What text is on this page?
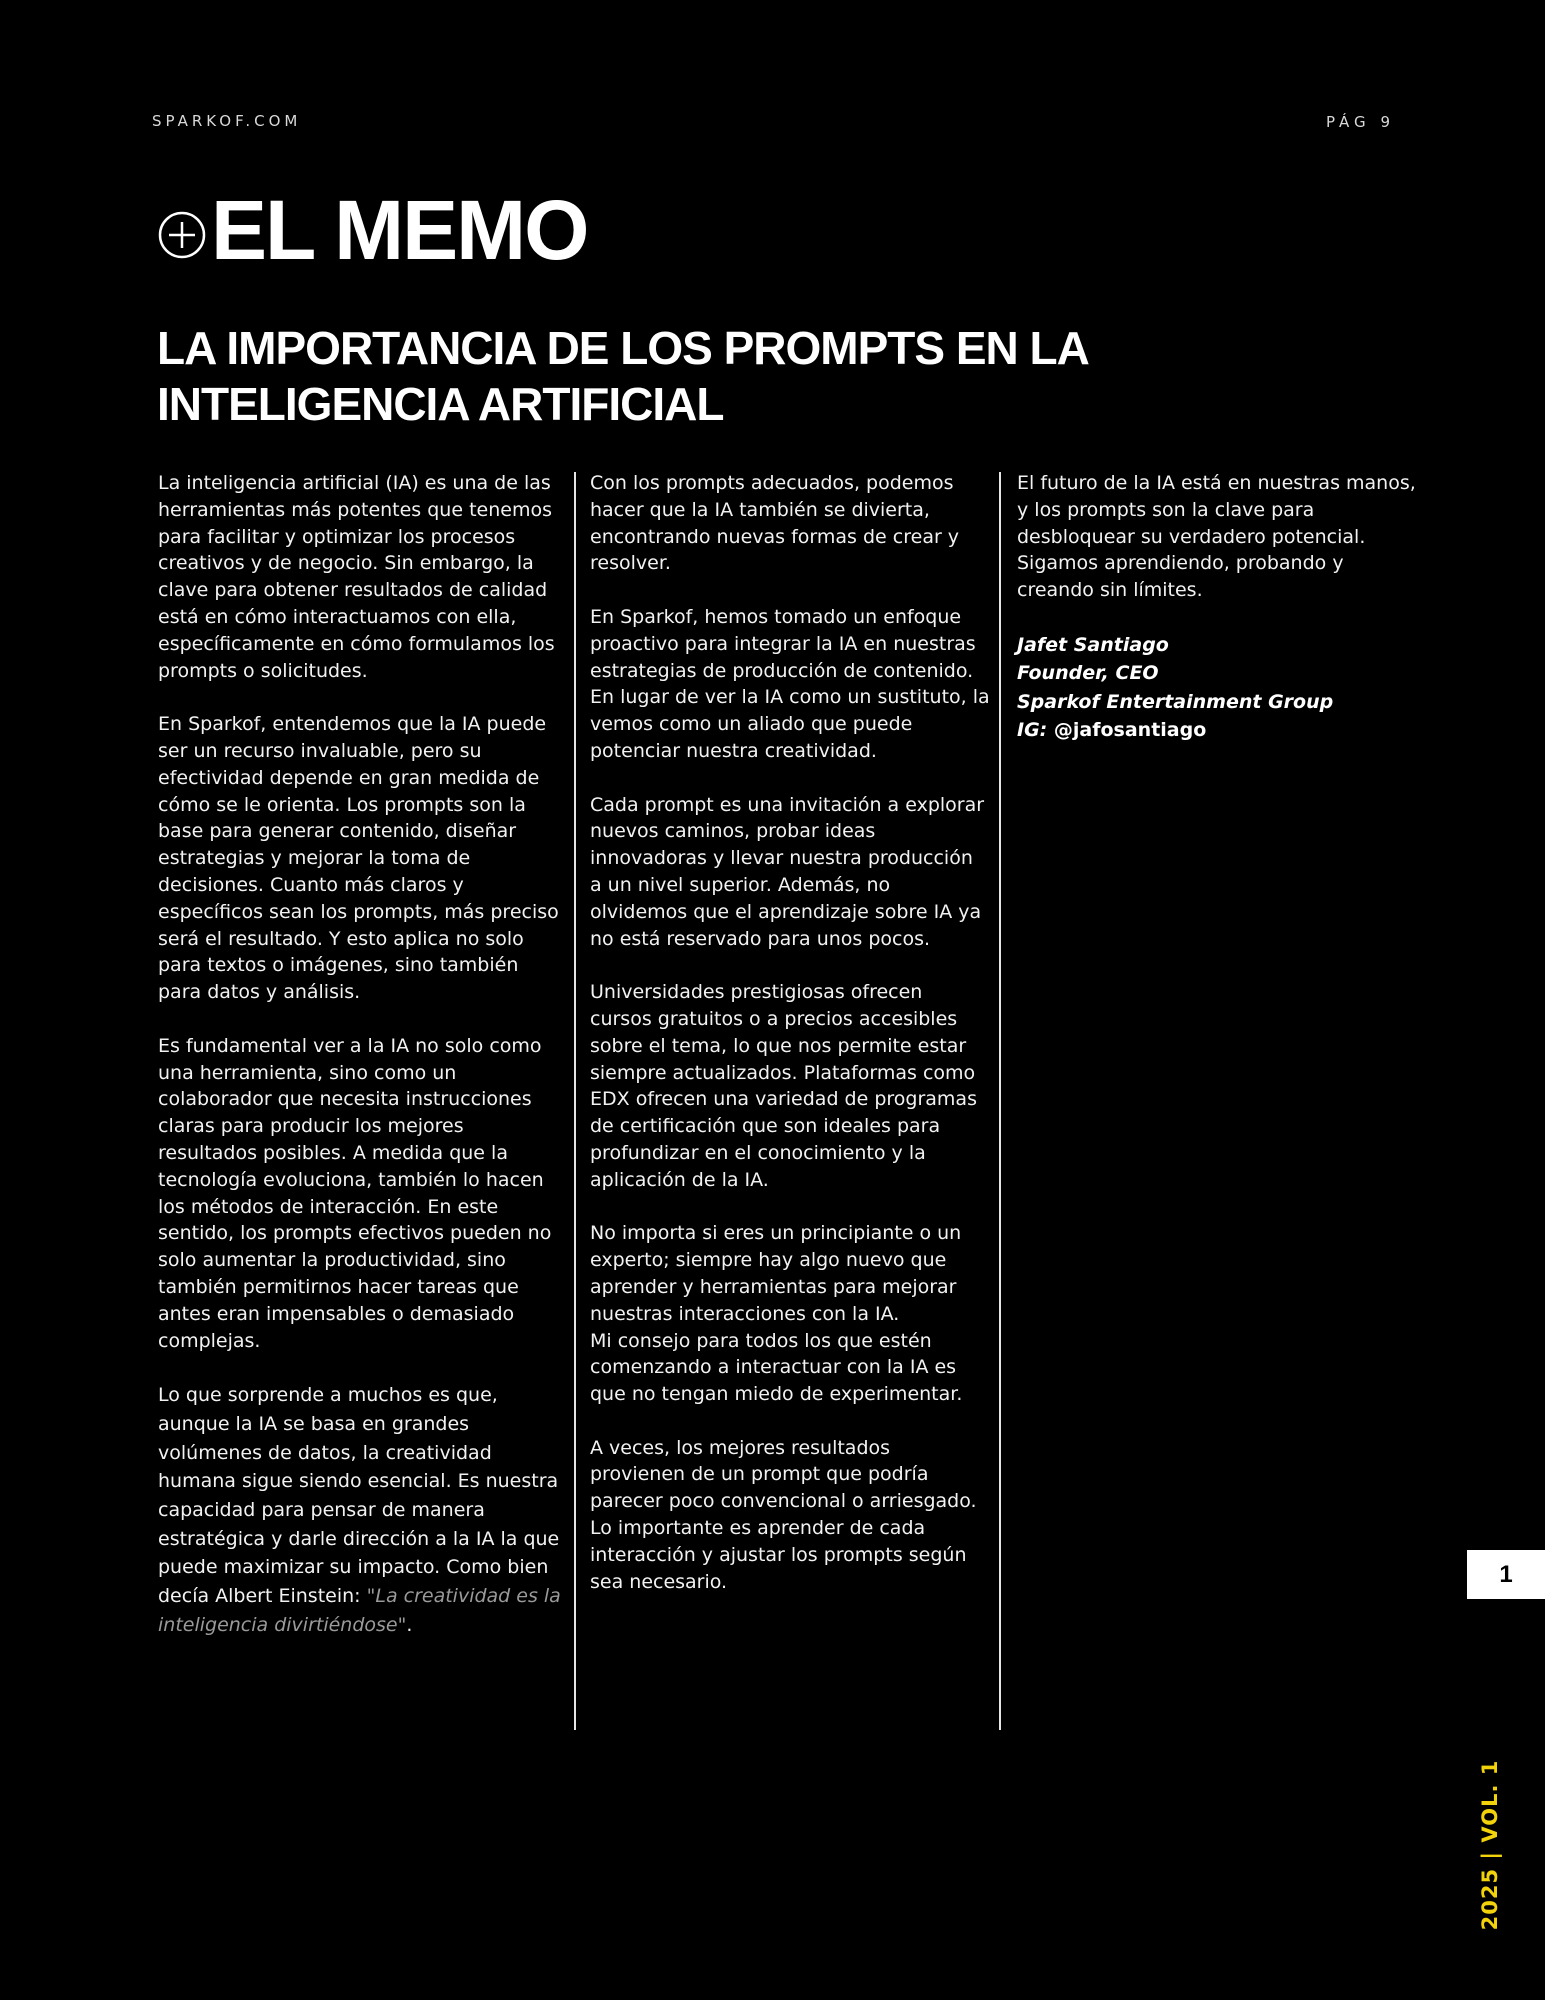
SPARKOF.COM	PÁG 9
EL MEMO
LA IMPORTANCIA DE LOS PROMPTS EN LA
INTELIGENCIA ARTIFICIAL

La inteligencia artificial (IA) es una de las herramientas más potentes que tenemos para facilitar y optimizar los procesos creativos y de negocio. Sin embargo, la clave para obtener resultados de calidad está en cómo interactuamos con ella, específicamente en cómo formulamos los prompts o solicitudes.

En Sparkof, entendemos que la IA puede ser un recurso invaluable, pero su efectividad depende en gran medida de cómo se le orienta. Los prompts son la base para generar contenido, diseñar estrategias y mejorar la toma de decisiones. Cuanto más claros y específicos sean los prompts, más preciso será el resultado. Y esto aplica no solo para textos o imágenes, sino también para datos y análisis.

Es fundamental ver a la IA no solo como una herramienta, sino como un colaborador que necesita instrucciones claras para producir los mejores resultados posibles. A medida que la tecnología evoluciona, también lo hacen los métodos de interacción. En este sentido, los prompts efectivos pueden no solo aumentar la productividad, sino también permitirnos hacer tareas que antes eran impensables o demasiado complejas.

Lo que sorprende a muchos es que, aunque la IA se basa en grandes volúmenes de datos, la creatividad humana sigue siendo esencial. Es nuestra capacidad para pensar de manera estratégica y darle dirección a la IA la que puede maximizar su impacto. Como bien decía Albert Einstein: "La creatividad es la inteligencia divirtiéndose".

Con los prompts adecuados, podemos hacer que la IA también se divierta, encontrando nuevas formas de crear y resolver.

En Sparkof, hemos tomado un enfoque proactivo para integrar la IA en nuestras estrategias de producción de contenido. En lugar de ver la IA como un sustituto, la vemos como un aliado que puede potenciar nuestra creatividad.

Cada prompt es una invitación a explorar nuevos caminos, probar ideas innovadoras y llevar nuestra producción a un nivel superior. Además, no olvidemos que el aprendizaje sobre IA ya no está reservado para unos pocos.

Universidades prestigiosas ofrecen cursos gratuitos o a precios accesibles sobre el tema, lo que nos permite estar siempre actualizados. Plataformas como EDX ofrecen una variedad de programas de certificación que son ideales para profundizar en el conocimiento y la aplicación de la IA.

No importa si eres un principiante o un experto; siempre hay algo nuevo que aprender y herramientas para mejorar nuestras interacciones con la IA.
Mi consejo para todos los que estén comenzando a interactuar con la IA es que no tengan miedo de experimentar.

A veces, los mejores resultados provienen de un prompt que podría parecer poco convencional o arriesgado. Lo importante es aprender de cada interacción y ajustar los prompts según sea necesario.

El futuro de la IA está en nuestras manos, y los prompts son la clave para desbloquear su verdadero potencial. Sigamos aprendiendo, probando y creando sin límites.

Jafet Santiago
Founder, CEO
Sparkof Entertainment Group
IG: @jafosantiago
1
2025 | VOL. 1
